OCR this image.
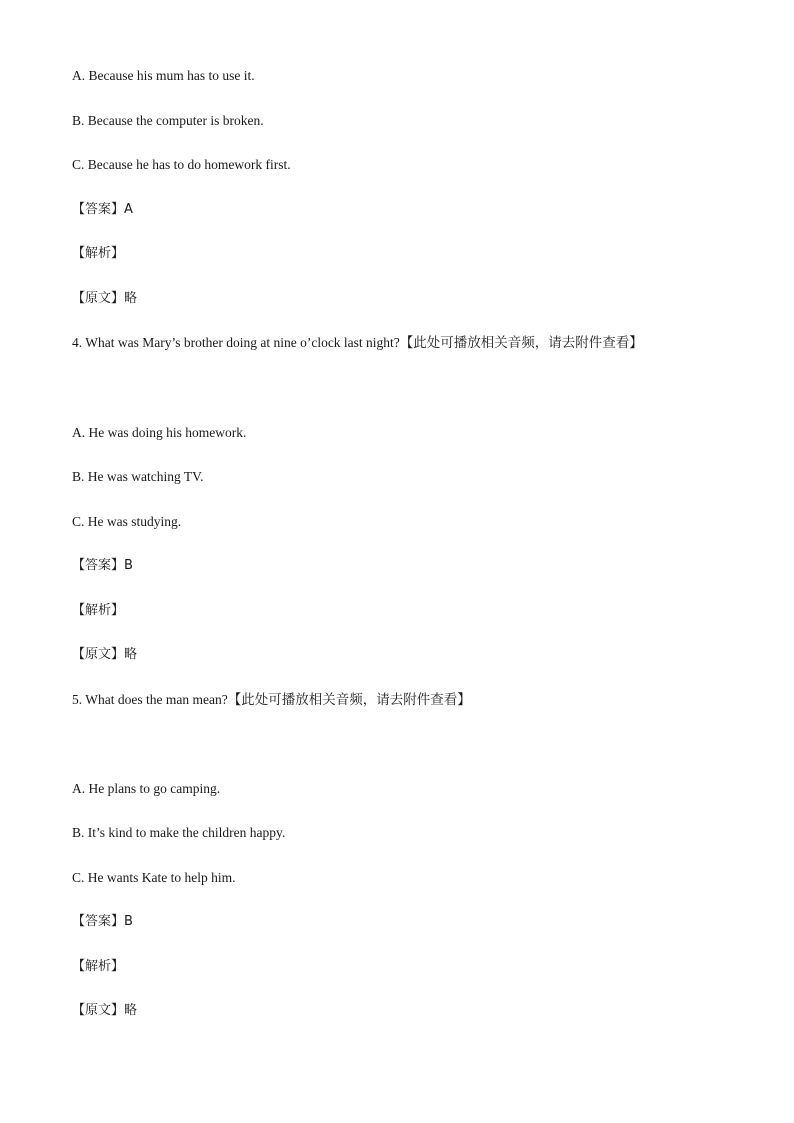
A. Because his mum has to use it.
B. Because the computer is broken.
C. Because he has to do homework first.
【答案】A
【解析】
【原文】略
4. What was Mary’s brother doing at nine o’clock last night?【此处可播放相关音频，请去附件查看】
A. He was doing his homework.
B. He was watching TV.
C. He was studying.
【答案】B
【解析】
【原文】略
5. What does the man mean?【此处可播放相关音频，请去附件查看】
A. He plans to go camping.
B. It’s kind to make the children happy.
C. He wants Kate to help him.
【答案】B
【解析】
【原文】略
